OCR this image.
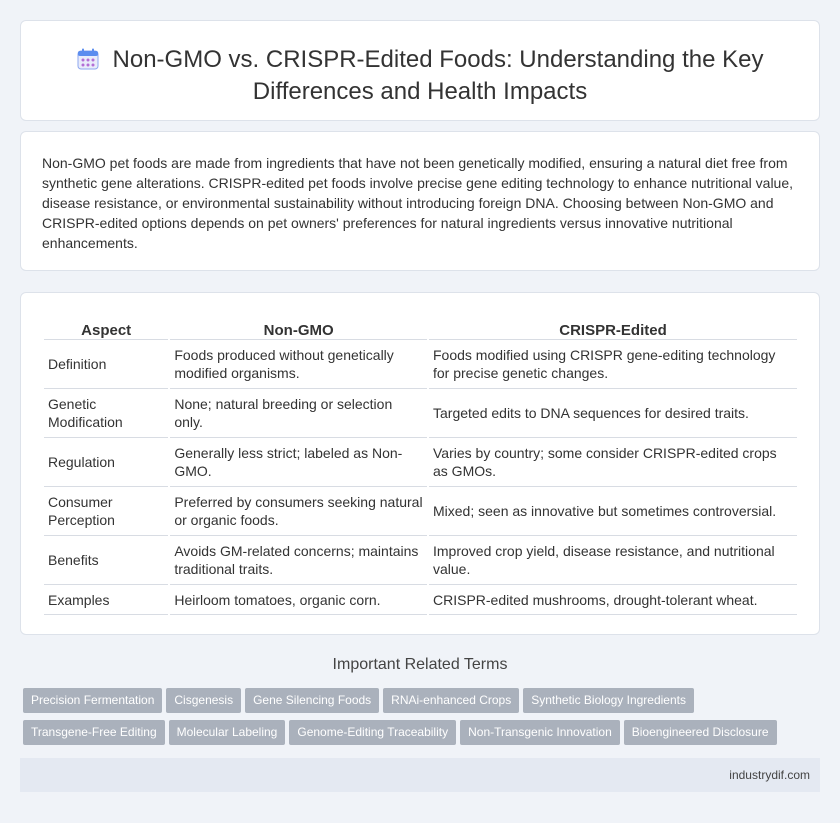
Non-GMO vs. CRISPR-Edited Foods: Understanding the Key
Differences and Health Impacts
Non-GMO pet foods are made from ingredients that have not been genetically modified, ensuring a natural diet free from synthetic gene alterations. CRISPR-edited pet foods involve precise gene editing technology to enhance nutritional value, disease resistance, or environmental sustainability without introducing foreign DNA. Choosing between Non-GMO and CRISPR-edited options depends on pet owners' preferences for natural ingredients versus innovative nutritional enhancements.
Aspect	Non-GMO	CRISPR-Edited
Definition	Foods produced without genetically modified organisms.	Foods modified using CRISPR gene-editing technology for precise genetic changes.
Genetic Modification	None; natural breeding or selection only.	Targeted edits to DNA sequences for desired traits.
Regulation	Generally less strict; labeled as Non-GMO.	Varies by country; some consider CRISPR-edited crops as GMOs.
Consumer Perception	Preferred by consumers seeking natural or organic foods.	Mixed; seen as innovative but sometimes controversial.
Benefits	Avoids GM-related concerns; maintains traditional traits.	Improved crop yield, disease resistance, and nutritional value.
Examples	Heirloom tomatoes, organic corn.	CRISPR-edited mushrooms, drought-tolerant wheat.
Important Related Terms
Precision Fermentation Cisgenesis Gene Silencing Foods RNAi-enhanced Crops Synthetic Biology Ingredients
Transgene-Free Editing Molecular Labeling Genome-Editing Traceability Non-Transgenic Innovation Bioengineered Disclosure
industrydif.com
